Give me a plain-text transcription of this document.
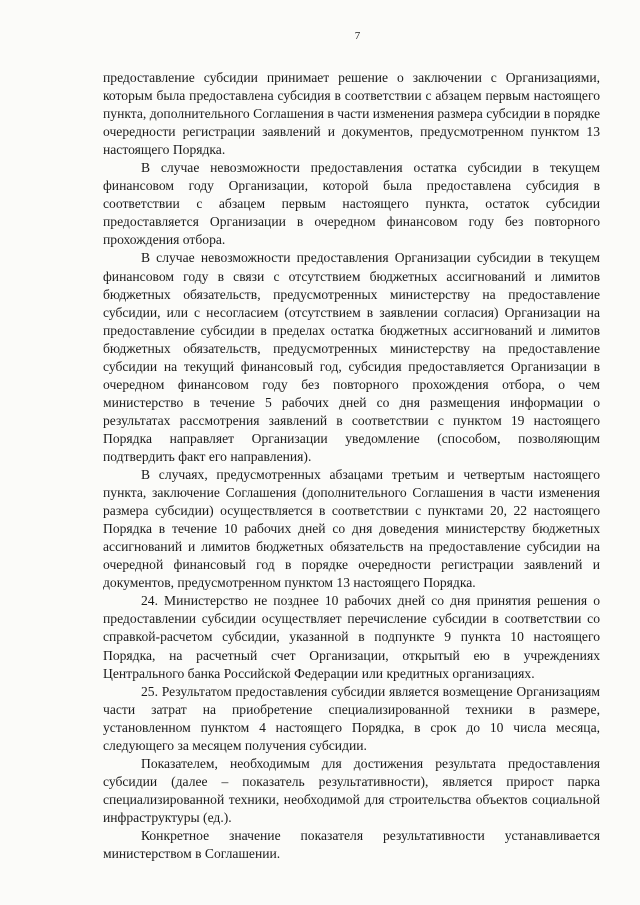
7

предоставление субсидии принимает решение о заключении с Организациями, которым была предоставлена субсидия в соответствии с абзацем первым настоящего пункта, дополнительного Соглашения в части изменения размера субсидии в порядке очередности регистрации заявлений и документов, предусмотренном пунктом 13 настоящего Порядка.

В случае невозможности предоставления остатка субсидии в текущем финансовом году Организации, которой была предоставлена субсидия в соответствии с абзацем первым настоящего пункта, остаток субсидии предоставляется Организации в очередном финансовом году без повторного прохождения отбора.

В случае невозможности предоставления Организации субсидии в текущем финансовом году в связи с отсутствием бюджетных ассигнований и лимитов бюджетных обязательств, предусмотренных министерству на предоставление субсидии, или с несогласием (отсутствием в заявлении согласия) Организации на предоставление субсидии в пределах остатка бюджетных ассигнований и лимитов бюджетных обязательств, предусмотренных министерству на предоставление субсидии на текущий финансовый год, субсидия предоставляется Организации в очередном финансовом году без повторного прохождения отбора, о чем министерство в течение 5 рабочих дней со дня размещения информации о результатах рассмотрения заявлений в соответствии с пунктом 19 настоящего Порядка направляет Организации уведомление (способом, позволяющим подтвердить факт его направления).

В случаях, предусмотренных абзацами третьим и четвертым настоящего пункта, заключение Соглашения (дополнительного Соглашения в части изменения размера субсидии) осуществляется в соответствии с пунктами 20, 22 настоящего Порядка в течение 10 рабочих дней со дня доведения министерству бюджетных ассигнований и лимитов бюджетных обязательств на предоставление субсидии на очередной финансовый год в порядке очередности регистрации заявлений и документов, предусмотренном пунктом 13 настоящего Порядка.

24. Министерство не позднее 10 рабочих дней со дня принятия решения о предоставлении субсидии осуществляет перечисление субсидии в соответствии со справкой-расчетом субсидии, указанной в подпункте 9 пункта 10 настоящего Порядка, на расчетный счет Организации, открытый ею в учреждениях Центрального банка Российской Федерации или кредитных организациях.

25. Результатом предоставления субсидии является возмещение Организациям части затрат на приобретение специализированной техники в размере, установленном пунктом 4 настоящего Порядка, в срок до 10 числа месяца, следующего за месяцем получения субсидии.

Показателем, необходимым для достижения результата предоставления субсидии (далее – показатель результативности), является прирост парка специализированной техники, необходимой для строительства объектов социальной инфраструктуры (ед.).

Конкретное значение показателя результативности устанавливается министерством в Соглашении.
